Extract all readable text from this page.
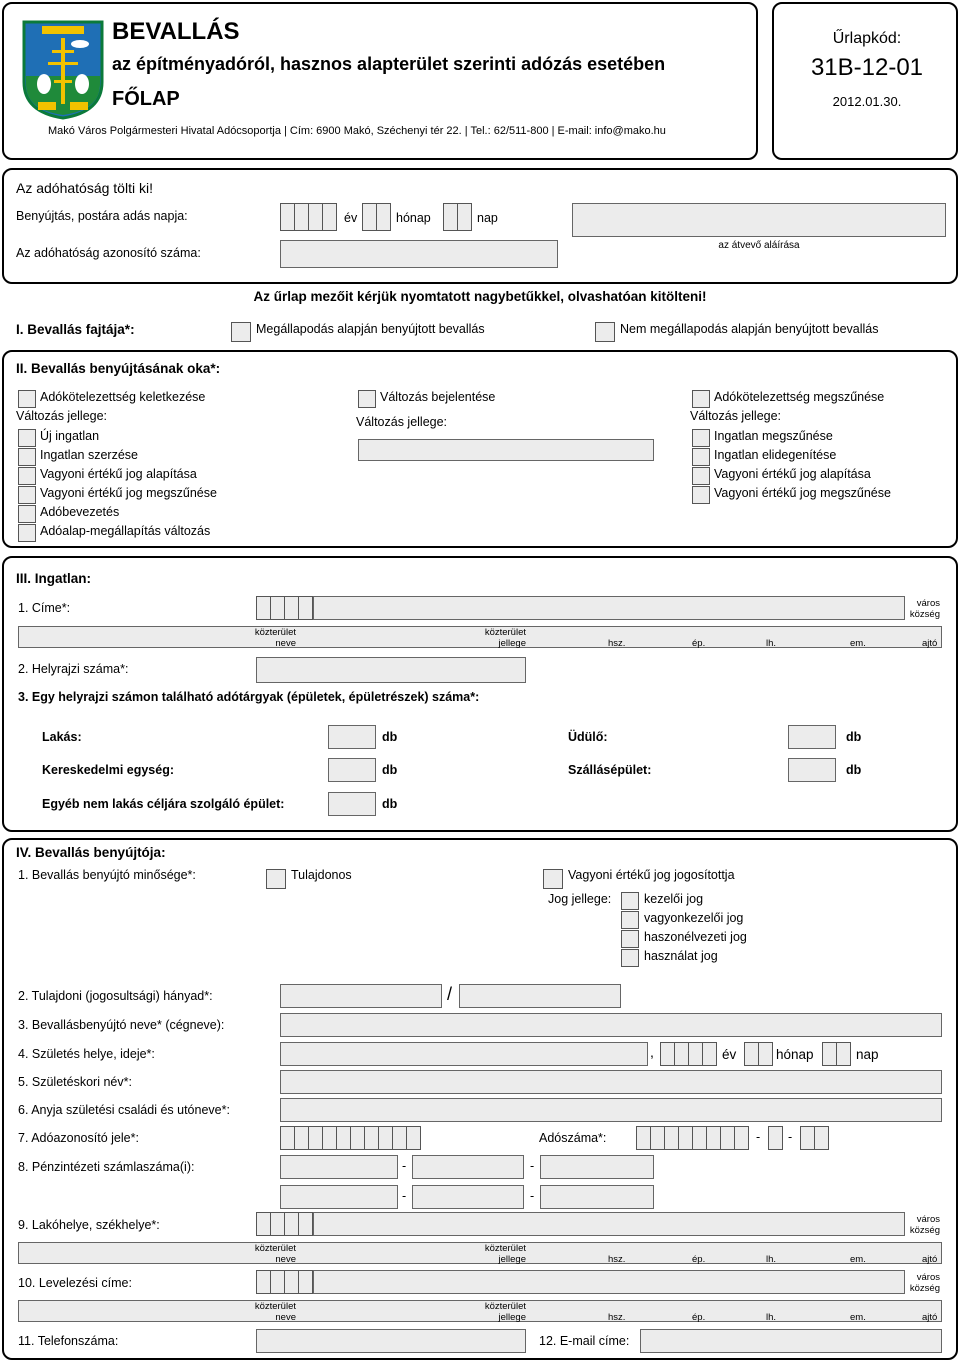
BEVALLÁS
az építményadóról, hasznos alapterület szerinti adózás esetében
FŐLAP
Makó Város Polgármesteri Hivatal Adócsoportja | Cím: 6900 Makó, Széchenyi tér 22. | Tel.: 62/511-800 | E-mail: info@mako.hu
Űrlapkód:
31B-12-01
2012.01.30.
Az adóhatóság tölti ki!
Benyújtás, postára adás napja:	év	hónap	nap
az átvevő aláírása
Az adóhatóság azonosító száma:
Az űrlap mezőit kérjük nyomtatott nagybetűkkel, olvashatóan kitölteni!
I. Bevallás fajtája*:	Megállapodás alapján benyújtott bevallás	Nem megállapodás alapján benyújtott bevallás
II. Bevallás benyújtásának oka*:
Adókötelezettség keletkezése
Változás jellege:
Új ingatlan
Ingatlan szerzése
Vagyoni értékű jog alapítása
Vagyoni értékű jog megszűnése
Adóbevezetés
Adóalap-megállapítás változás
Változás bejelentése
Változás jellege:
Adókötelezettség megszűnése
Változás jellege:
Ingatlan megszűnése
Ingatlan elidegenítése
Vagyoni értékű jog alapítása
Vagyoni értékű jog megszűnése
III. Ingatlan:
1. Címe*:	város
község
közterület
neve
közterület
jellege	hsz.	ép.	lh.	em.	ajtó
2. Helyrajzi száma*:
3. Egy helyrajzi számon található adótárgyak (épületek, épületrészek) száma*:
Lakás:	db	Üdülő:	db
Kereskedelmi egység:	db	Szállásépület:	db
Egyéb nem lakás céljára szolgáló épület:	db
IV. Bevallás benyújtója:
1. Bevallás benyújtó minősége*:	Tulajdonos	Vagyoni értékű jog jogosítottja
Jog jellege:	kezelői jog
vagyonkezelői jog
haszonélvezeti jog
használat jog
2. Tulajdoni (jogosultsági) hányad*:	/
3. Bevallásbenyújtó neve* (cégneve):
4. Születés helye, ideje*:	,	év	hónap	nap
5. Születéskori név*:
6. Anyja születési családi és utóneve*:
7. Adóazonosító jele*:	Adószáma*:	- -
8. Pénzintézeti számlaszáma(i):	-	-
-	-
9. Lakóhelye, székhelye*:	város
község
közterület
neve
közterület
jellege	hsz.	ép.	lh.	em.	ajtó
10. Levelezési címe:	város
község
közterület
neve
közterület
jellege	hsz.	ép.	lh.	em.	ajtó
11. Telefonszáma:	12. E-mail címe:
